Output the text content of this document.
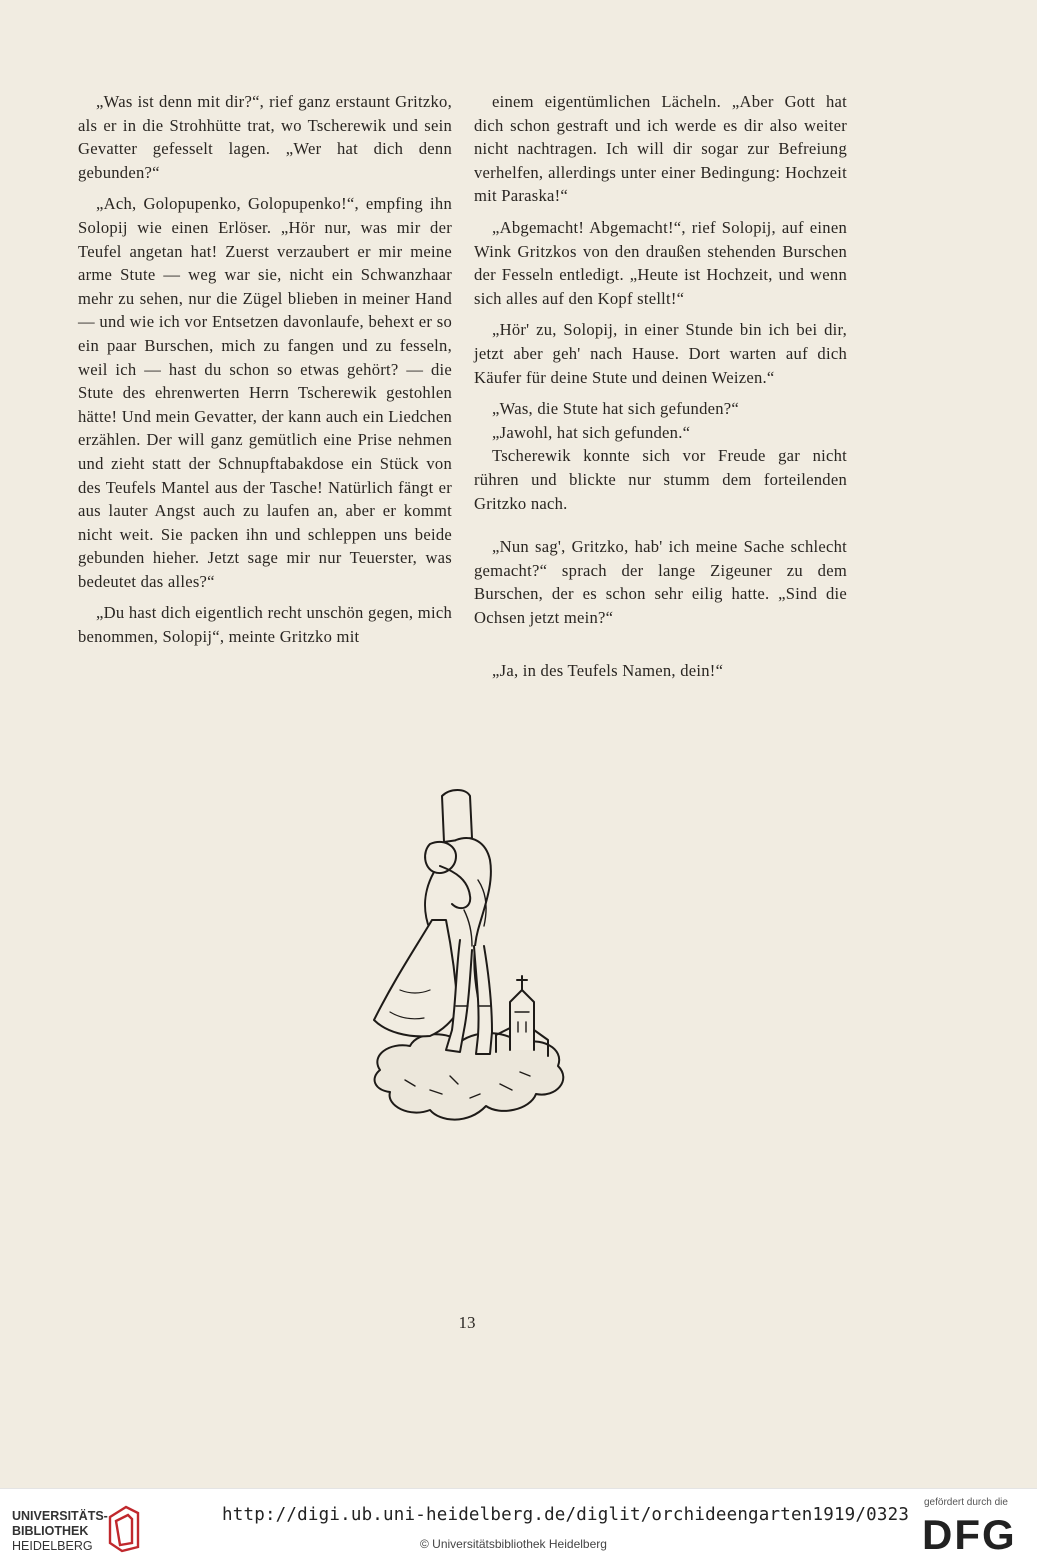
„Was ist denn mit dir?“, rief ganz erstaunt Gritzko, als er in die Strohhütte trat, wo Tscherewik und sein Gevatter gefesselt lagen. „Wer hat dich denn gebunden?“

„Ach, Golopupenko, Golopupenko!“, empfing ihn Solopij wie einen Erlöser. „Hör nur, was mir der Teufel angetan hat! Zuerst verzaubert er mir meine arme Stute — weg war sie, nicht ein Schwanzhaar mehr zu sehen, nur die Zügel blieben in meiner Hand — und wie ich vor Entsetzen davonlaufe, behext er so ein paar Burschen, mich zu fangen und zu fesseln, weil ich — hast du schon so etwas gehört? — die Stute des ehrenwerten Herrn Tscherewik gestohlen hätte! Und mein Gevatter, der kann auch ein Liedchen erzählen. Der will ganz gemütlich eine Prise nehmen und zieht statt der Schnupftabakdose ein Stück von des Teufels Mantel aus der Tasche! Natürlich fängt er aus lauter Angst auch zu laufen an, aber er kommt nicht weit. Sie packen ihn und schleppen uns beide gebunden hieher. Jetzt sage mir nur Teuerster, was bedeutet das alles?“

„Du hast dich eigentlich recht unschön gegen, mich benommen, Solopij“, meinte Gritzko mit

einem eigentümlichen Lächeln. „Aber Gott hat dich schon gestraft und ich werde es dir also weiter nicht nachtragen. Ich will dir sogar zur Befreiung verhelfen, allerdings unter einer Bedingung: Hochzeit mit Paraska!“

„Abgemacht! Abgemacht!“, rief Solopij, auf einen Wink Gritzkos von den draußen stehenden Burschen der Fesseln entledigt. „Heute ist Hochzeit, und wenn sich alles auf den Kopf stellt!“

„Hör' zu, Solopij, in einer Stunde bin ich bei dir, jetzt aber geh' nach Hause. Dort warten auf dich Käufer für deine Stute und deinen Weizen.“

„Was, die Stute hat sich gefunden?“

„Jawohl, hat sich gefunden.“

Tscherewik konnte sich vor Freude gar nicht rühren und blickte nur stumm dem forteilenden Gritzko nach.

„Nun sag', Gritzko, hab' ich meine Sache schlecht gemacht?“ sprach der lange Zigeuner zu dem Burschen, der es schon sehr eilig hatte. „Sind die Ochsen jetzt mein?“

„Ja, in des Teufels Namen, dein!“

13
UNIVERSITÄTS-
BIBLIOTHEK
HEIDELBERG
http://digi.ub.uni-heidelberg.de/diglit/orchideengarten1919/0323
© Universitätsbibliothek Heidelberg
gefördert durch die
DFG
